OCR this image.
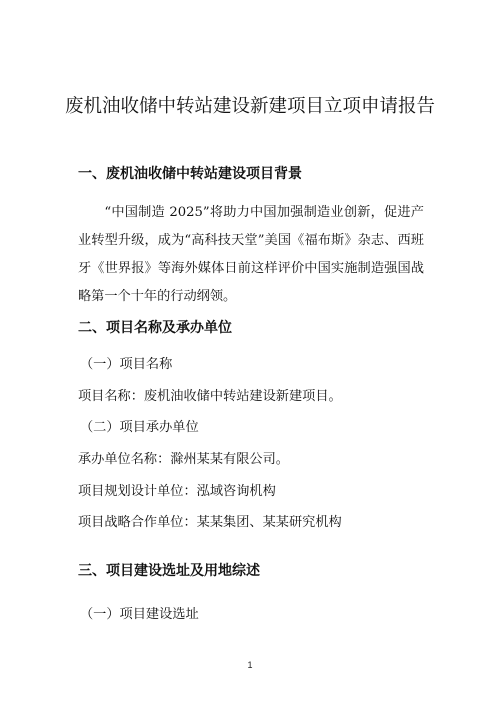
废机油收储中转站建设新建项目立项申请报告
一、废机油收储中转站建设项目背景
“中国制造 2025”将助力中国加强制造业创新，促进产业转型升级，成为“高科技天堂”美国《福布斯》杂志、西班牙《世界报》等海外媒体日前这样评价中国实施制造强国战略第一个十年的行动纲领。
二、项目名称及承办单位
（一）项目名称
项目名称：废机油收储中转站建设新建项目。
（二）项目承办单位
承办单位名称：滁州某某有限公司。
项目规划设计单位：泓域咨询机构
项目战略合作单位：某某集团、某某研究机构
三、项目建设选址及用地综述
（一）项目建设选址
1
